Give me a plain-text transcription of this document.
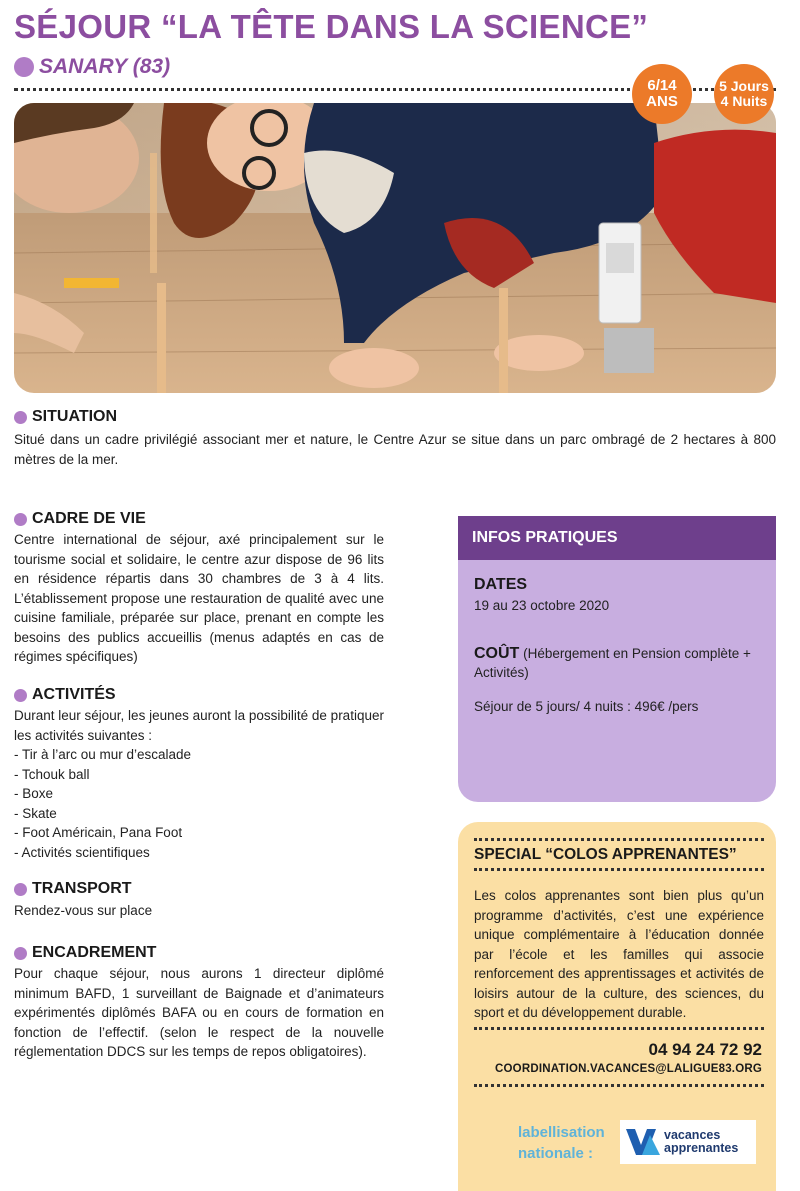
SÉJOUR “LA TÊTE DANS LA SCIENCE”
SANARY (83)
6/14
ANS
5 Jours
4 Nuits
SITUATION
Situé dans un cadre privilégié associant mer et nature, le Centre Azur se situe dans un parc ombragé de 2 hectares à 800 mètres de la mer.
CADRE DE VIE
Centre international de séjour, axé principalement sur le tourisme social et solidaire, le centre azur dispose de 96 lits en résidence répartis dans 30 chambres de 3 à 4 lits. L’établissement propose une restauration de qualité avec une cuisine familiale, préparée sur place, prenant en compte les besoins des publics accueillis (menus adaptés en cas de régimes spécifiques)
ACTIVITÉS
Durant leur séjour, les jeunes auront la possibilité de pratiquer les activités suivantes :
- Tir à l’arc ou mur d’escalade
- Tchouk ball
- Boxe
- Skate
- Foot Américain, Pana Foot
- Activités scientifiques
TRANSPORT
Rendez-vous sur place
ENCADREMENT
Pour chaque séjour, nous aurons 1 directeur diplômé minimum BAFD, 1 surveillant de Baignade et d’animateurs expérimentés diplômés BAFA ou en cours de formation en fonction de l’effectif. (selon le respect de la nouvelle réglementation DDCS sur les temps de repos obligatoires).
INFOS PRATIQUES
DATES
19 au 23 octobre 2020
COÛT (Hébergement en Pension complète + Activités)
Séjour de 5 jours/ 4 nuits : 496€ /pers
SPECIAL “COLOS APPRENANTES”
Les colos apprenantes sont bien plus qu’un programme d’activités, c’est une expérience unique complémentaire à l’éducation donnée par l’école et les familles qui associe renforcement des apprentissages et activités de loisirs autour de la culture, des sciences, du sport et du développement durable.
04 94 24 72 92
COORDINATION.VACANCES@LALIGUE83.ORG
labellisation
nationale :
vacances
apprenantes
